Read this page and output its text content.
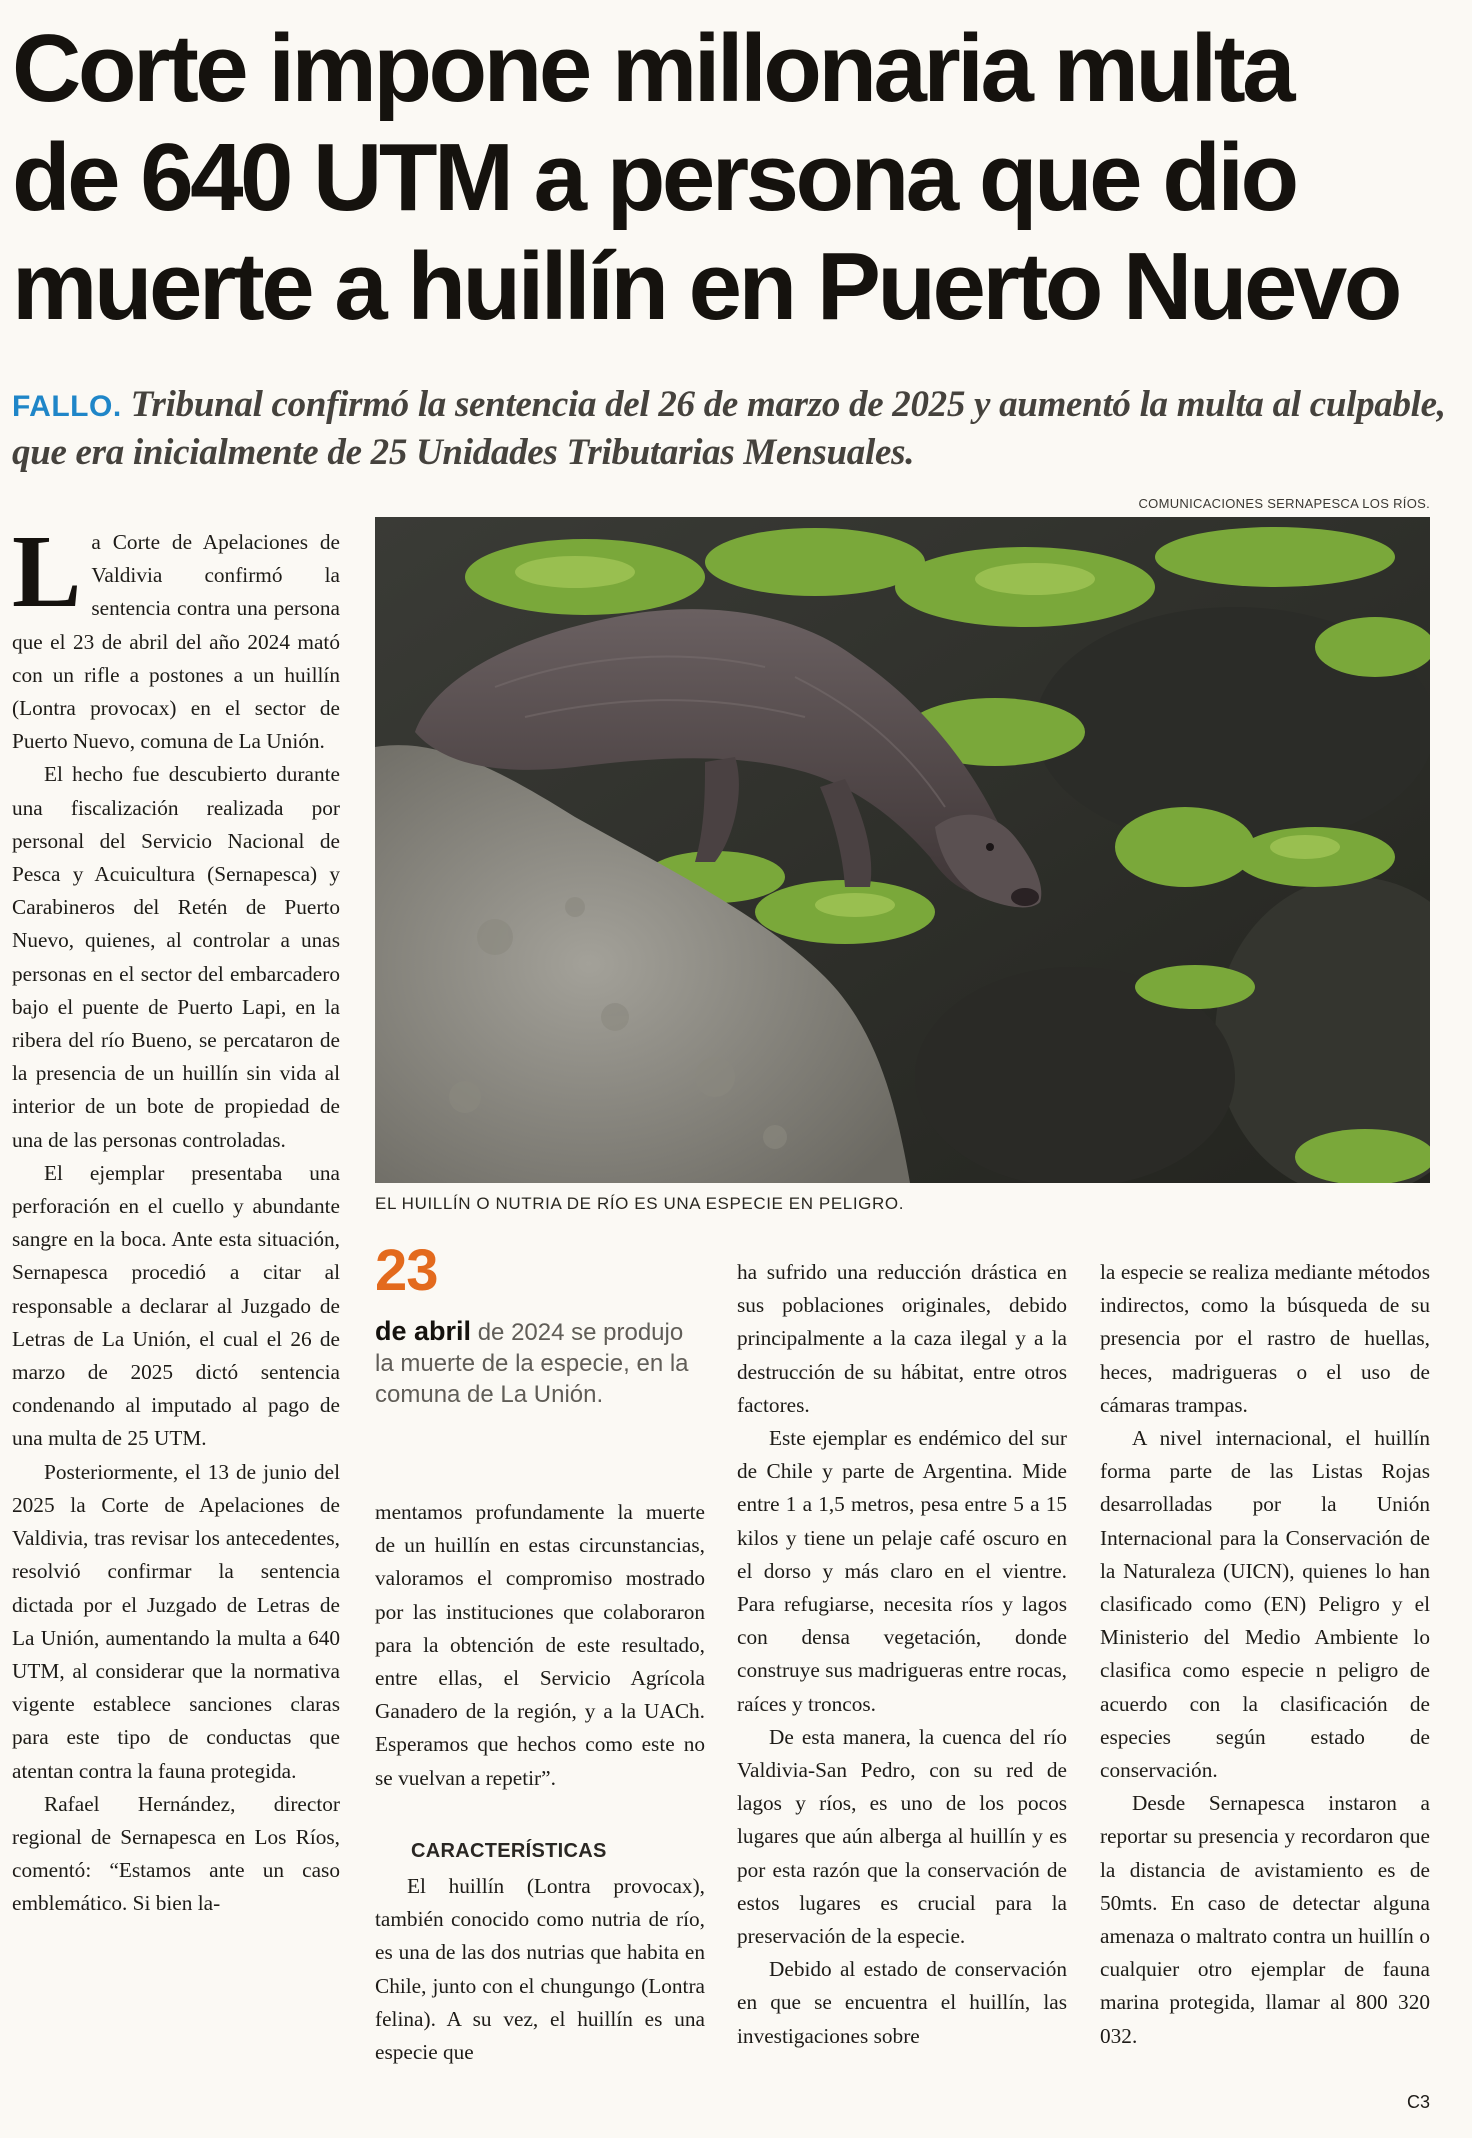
Corte impone millonaria multa
de 640 UTM a persona que dio
muerte a huillín en Puerto Nuevo
FALLO. Tribunal confirmó la sentencia del 26 de marzo de 2025 y aumentó la multa al culpable, que era inicialmente de 25 Unidades Tributarias Mensuales.
COMUNICACIONES SERNAPESCA LOS RÍOS.
EL HUILLÍN O NUTRIA DE RÍO ES UNA ESPECIE EN PELIGRO.

La Corte de Apelaciones de Valdivia confirmó la sentencia contra una persona que el 23 de abril del año 2024 mató con un rifle a postones a un huillín (Lontra provocax) en el sector de Puerto Nuevo, comuna de La Unión.

El hecho fue descubierto durante una fiscalización realizada por personal del Servicio Nacional de Pesca y Acuicultura (Sernapesca) y Carabineros del Retén de Puerto Nuevo, quienes, al controlar a unas personas en el sector del embarcadero bajo el puente de Puerto Lapi, en la ribera del río Bueno, se percataron de la presencia de un huillín sin vida al interior de un bote de propiedad de una de las personas controladas.

El ejemplar presentaba una perforación en el cuello y abundante sangre en la boca. Ante esta situación, Sernapesca procedió a citar al responsable a declarar al Juzgado de Letras de La Unión, el cual el 26 de marzo de 2025 dictó sentencia condenando al imputado al pago de una multa de 25 UTM.

Posteriormente, el 13 de junio del 2025 la Corte de Apelaciones de Valdivia, tras revisar los antecedentes, resolvió confirmar la sentencia dictada por el Juzgado de Letras de La Unión, aumentando la multa a 640 UTM, al considerar que la normativa vigente establece sanciones claras para este tipo de conductas que atentan contra la fauna protegida.

Rafael Hernández, director regional de Sernapesca en Los Ríos, comentó: “Estamos ante un caso emblemático. Si bien la-

23
de abril de 2024 se produjo la muerte de la especie, en la comuna de La Unión.

mentamos profundamente la muerte de un huillín en estas circunstancias, valoramos el compromiso mostrado por las instituciones que colaboraron para la obtención de este resultado, entre ellas, el Servicio Agrícola Ganadero de la región, y a la UACh. Esperamos que hechos como este no se vuelvan a repetir”.

CARACTERÍSTICAS

El huillín (Lontra provocax), también conocido como nutria de río, es una de las dos nutrias que habita en Chile, junto con el chungungo (Lontra felina). A su vez, el huillín es una especie que

ha sufrido una reducción drástica en sus poblaciones originales, debido principalmente a la caza ilegal y a la destrucción de su hábitat, entre otros factores.

Este ejemplar es endémico del sur de Chile y parte de Argentina. Mide entre 1 a 1,5 metros, pesa entre 5 a 15 kilos y tiene un pelaje café oscuro en el dorso y más claro en el vientre. Para refugiarse, necesita ríos y lagos con densa vegetación, donde construye sus madrigueras entre rocas, raíces y troncos.

De esta manera, la cuenca del río Valdivia-San Pedro, con su red de lagos y ríos, es uno de los pocos lugares que aún alberga al huillín y es por esta razón que la conservación de estos lugares es crucial para la preservación de la especie.

Debido al estado de conservación en que se encuentra el huillín, las investigaciones sobre

la especie se realiza mediante métodos indirectos, como la búsqueda de su presencia por el rastro de huellas, heces, madrigueras o el uso de cámaras trampas.

A nivel internacional, el huillín forma parte de las Listas Rojas desarrolladas por la Unión Internacional para la Conservación de la Naturaleza (UICN), quienes lo han clasificado como (EN) Peligro y el Ministerio del Medio Ambiente lo clasifica como especie n peligro de acuerdo con la clasificación de especies según estado de conservación.

Desde Sernapesca instaron a reportar su presencia y recordaron que la distancia de avistamiento es de 50mts. En caso de detectar alguna amenaza o maltrato contra un huillín o cualquier otro ejemplar de fauna marina protegida, llamar al 800 320 032.

C3
